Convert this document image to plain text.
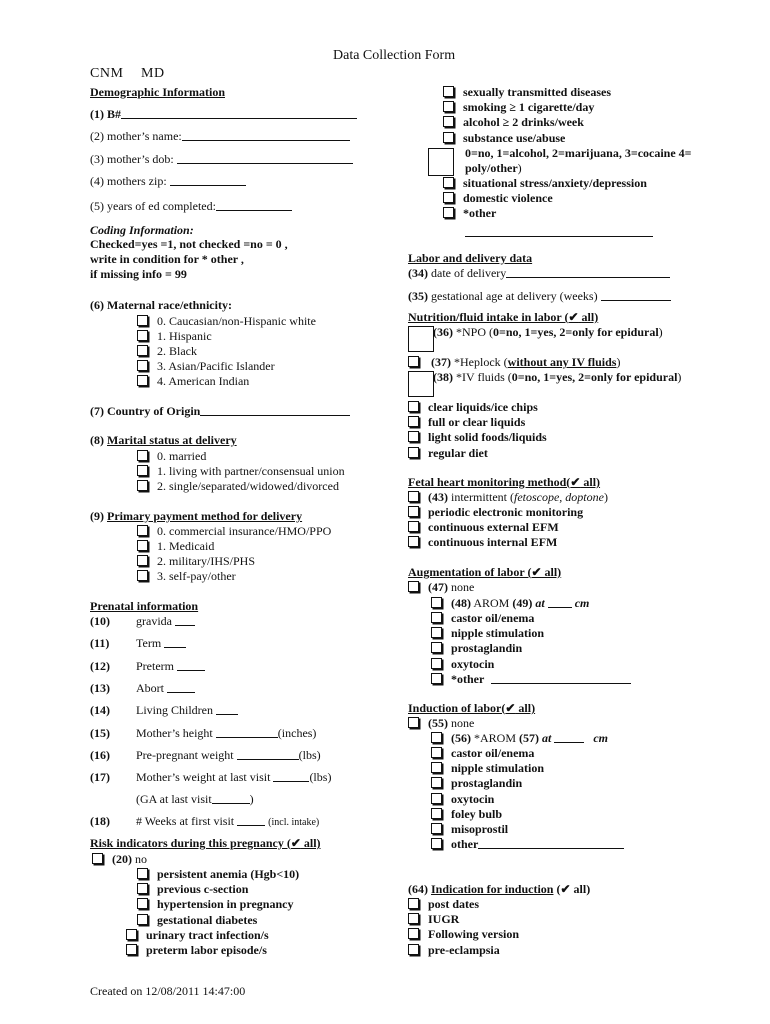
Data Collection Form
CNM MD
Demographic Information
(1) B#
(2) mother’s name:
(3) mother’s dob:
(4) mothers zip:
(5) years of ed completed:
Coding Information:
Checked=yes =1, not checked =no = 0 ,
write in condition for * other ,
if missing info = 99
(6) Maternal race/ethnicity:
0. Caucasian/non-Hispanic white
1. Hispanic
2. Black
3. Asian/Pacific Islander
4. American Indian
(7) Country of Origin
(8) Marital status at delivery
0. married
1. living with partner/consensual union
2. single/separated/widowed/divorced
(9) Primary payment method for delivery
0. commercial insurance/HMO/PPO
1. Medicaid
2. military/IHS/PHS
3. self-pay/other
Prenatal information
(10) gravida
(11) Term
(12) Preterm
(13) Abort
(14) Living Children
(15) Mother’s height	(inches)
(16) Pre-pregnant weight	(lbs)
(17) Mother’s weight at last visit	(lbs)
(GA at last visit	)
(18) # Weeks at first visit	(incl. intake)
Risk indicators during this pregnancy (✔ all)
(20) no
persistent anemia (Hgb<10)
previous c-section
hypertension in pregnancy
gestational diabetes
urinary tract infection/s
preterm labor episode/s
Created on 12/08/2011 14:47:00
sexually transmitted diseases
smoking ≥ 1 cigarette/day
alcohol ≥ 2 drinks/week
substance use/abuse
0=no, 1=alcohol, 2=marijuana, 3=cocaine 4=
poly/other)
situational stress/anxiety/depression
domestic violence
*other
Labor and delivery data
(34) date of delivery
(35) gestational age at delivery (weeks)
Nutrition/fluid intake in labor (✔ all)
(36) *NPO (0=no, 1=yes, 2=only for epidural)
(37) *Heplock (without any IV fluids)
(38) *IV fluids (0=no, 1=yes, 2=only for epidural)
clear liquids/ice chips
full or clear liquids
light solid foods/liquids
regular diet
Fetal heart monitoring method(✔ all)
(43) intermittent (fetoscope, doptone)
periodic electronic monitoring
continuous external EFM
continuous internal EFM
Augmentation of labor (✔ all)
(47) none
(48) AROM (49) at	cm
castor oil/enema
nipple stimulation
prostaglandin
oxytocin
*other
Induction of labor(✔ all)
(55) none
(56) *AROM (57) at	cm
castor oil/enema
nipple stimulation
prostaglandin
oxytocin
foley bulb
misoprostil
other
(64) Indication for induction (✔ all)
post dates
IUGR
Following version
pre-eclampsia
